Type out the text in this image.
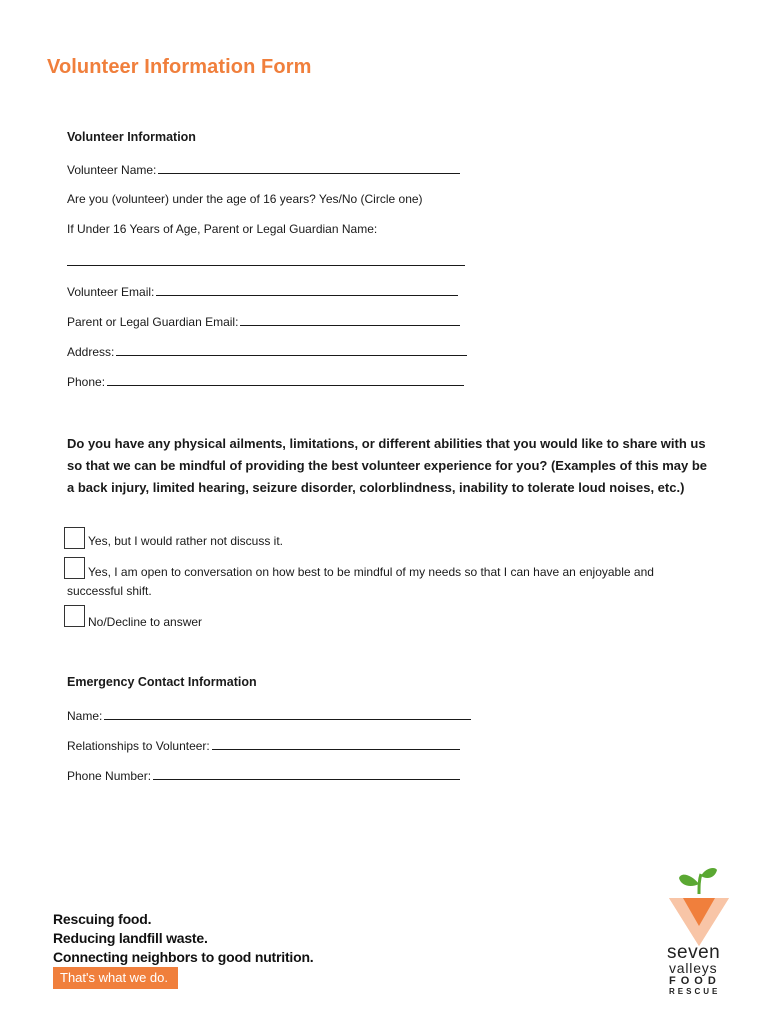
Volunteer Information Form
Volunteer Information
Volunteer Name:
Are you (volunteer) under the age of 16 years? Yes/No (Circle one)
If Under 16 Years of Age, Parent or Legal Guardian Name:
Volunteer Email:
Parent or Legal Guardian Email:
Address:
Phone:
Do you have any physical ailments, limitations, or different abilities that you would like to share with us so that we can be mindful of providing the best volunteer experience for you? (Examples of this may be a back injury, limited hearing, seizure disorder, colorblindness, inability to tolerate loud noises, etc.)
Yes, but I would rather not discuss it.
Yes, I am open to conversation on how best to be mindful of my needs so that I can have an enjoyable and successful shift.
No/Decline to answer
Emergency Contact Information
Name:
Relationships to Volunteer:
Phone Number:
Rescuing food.
Reducing landfill waste.
Connecting neighbors to good nutrition.
That's what we do.
seven
valleys
FOOD
RESCUE
